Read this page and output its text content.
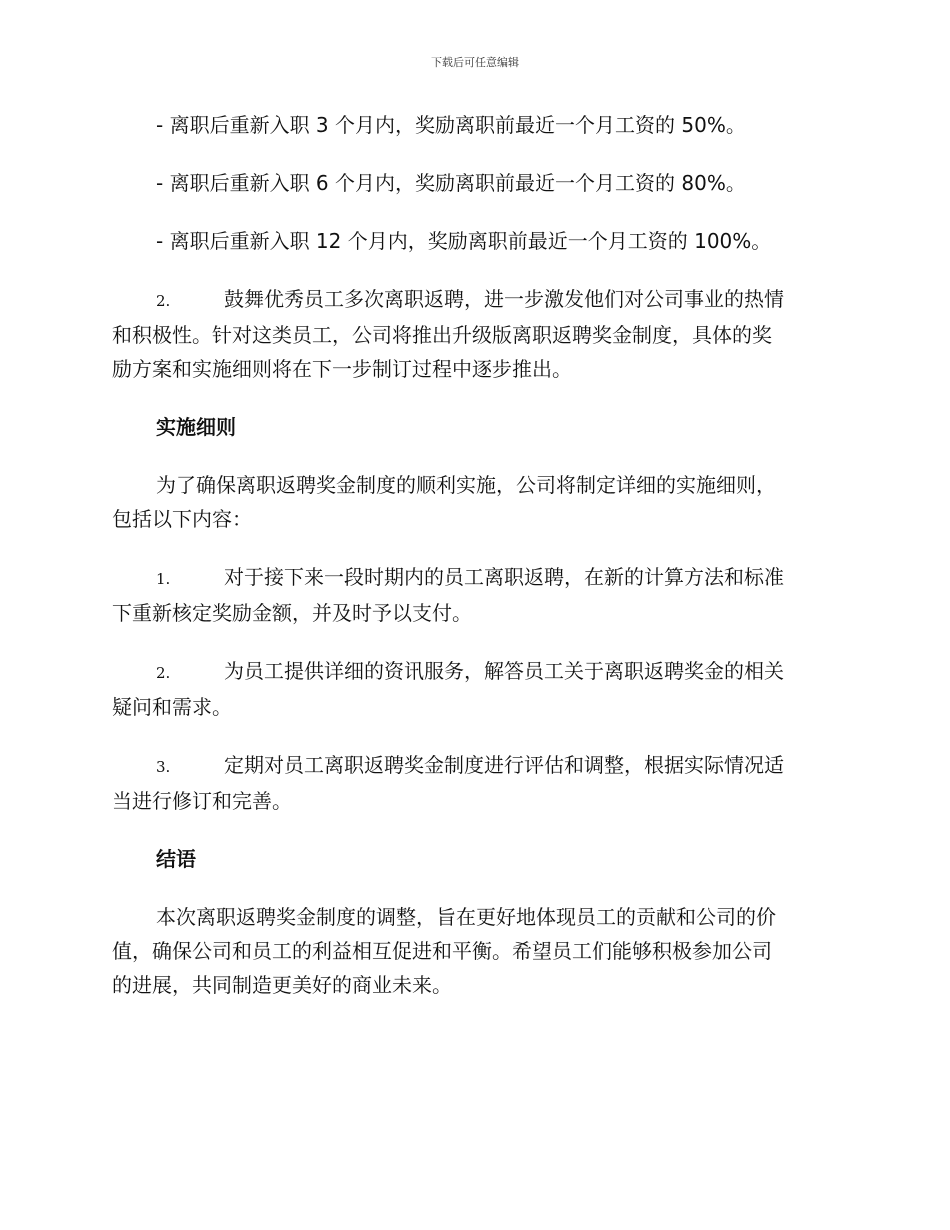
下载后可任意编辑
- 离职后重新入职 3 个月内，奖励离职前最近一个月工资的 50%。
- 离职后重新入职 6 个月内，奖励离职前最近一个月工资的 80%。
- 离职后重新入职 12 个月内，奖励离职前最近一个月工资的 100%。
2.	鼓舞优秀员工多次离职返聘，进一步激发他们对公司事业的热情
和积极性。针对这类员工，公司将推出升级版离职返聘奖金制度，具体的奖
励方案和实施细则将在下一步制订过程中逐步推出。
实施细则
为了确保离职返聘奖金制度的顺利实施，公司将制定详细的实施细则，
包括以下内容：
1.	对于接下来一段时期内的员工离职返聘，在新的计算方法和标准
下重新核定奖励金额，并及时予以支付。
2.	为员工提供详细的资讯服务，解答员工关于离职返聘奖金的相关
疑问和需求。
3.	定期对员工离职返聘奖金制度进行评估和调整，根据实际情况适
当进行修订和完善。
结语
本次离职返聘奖金制度的调整，旨在更好地体现员工的贡献和公司的价
值，确保公司和员工的利益相互促进和平衡。希望员工们能够积极参加公司
的进展，共同制造更美好的商业未来。
